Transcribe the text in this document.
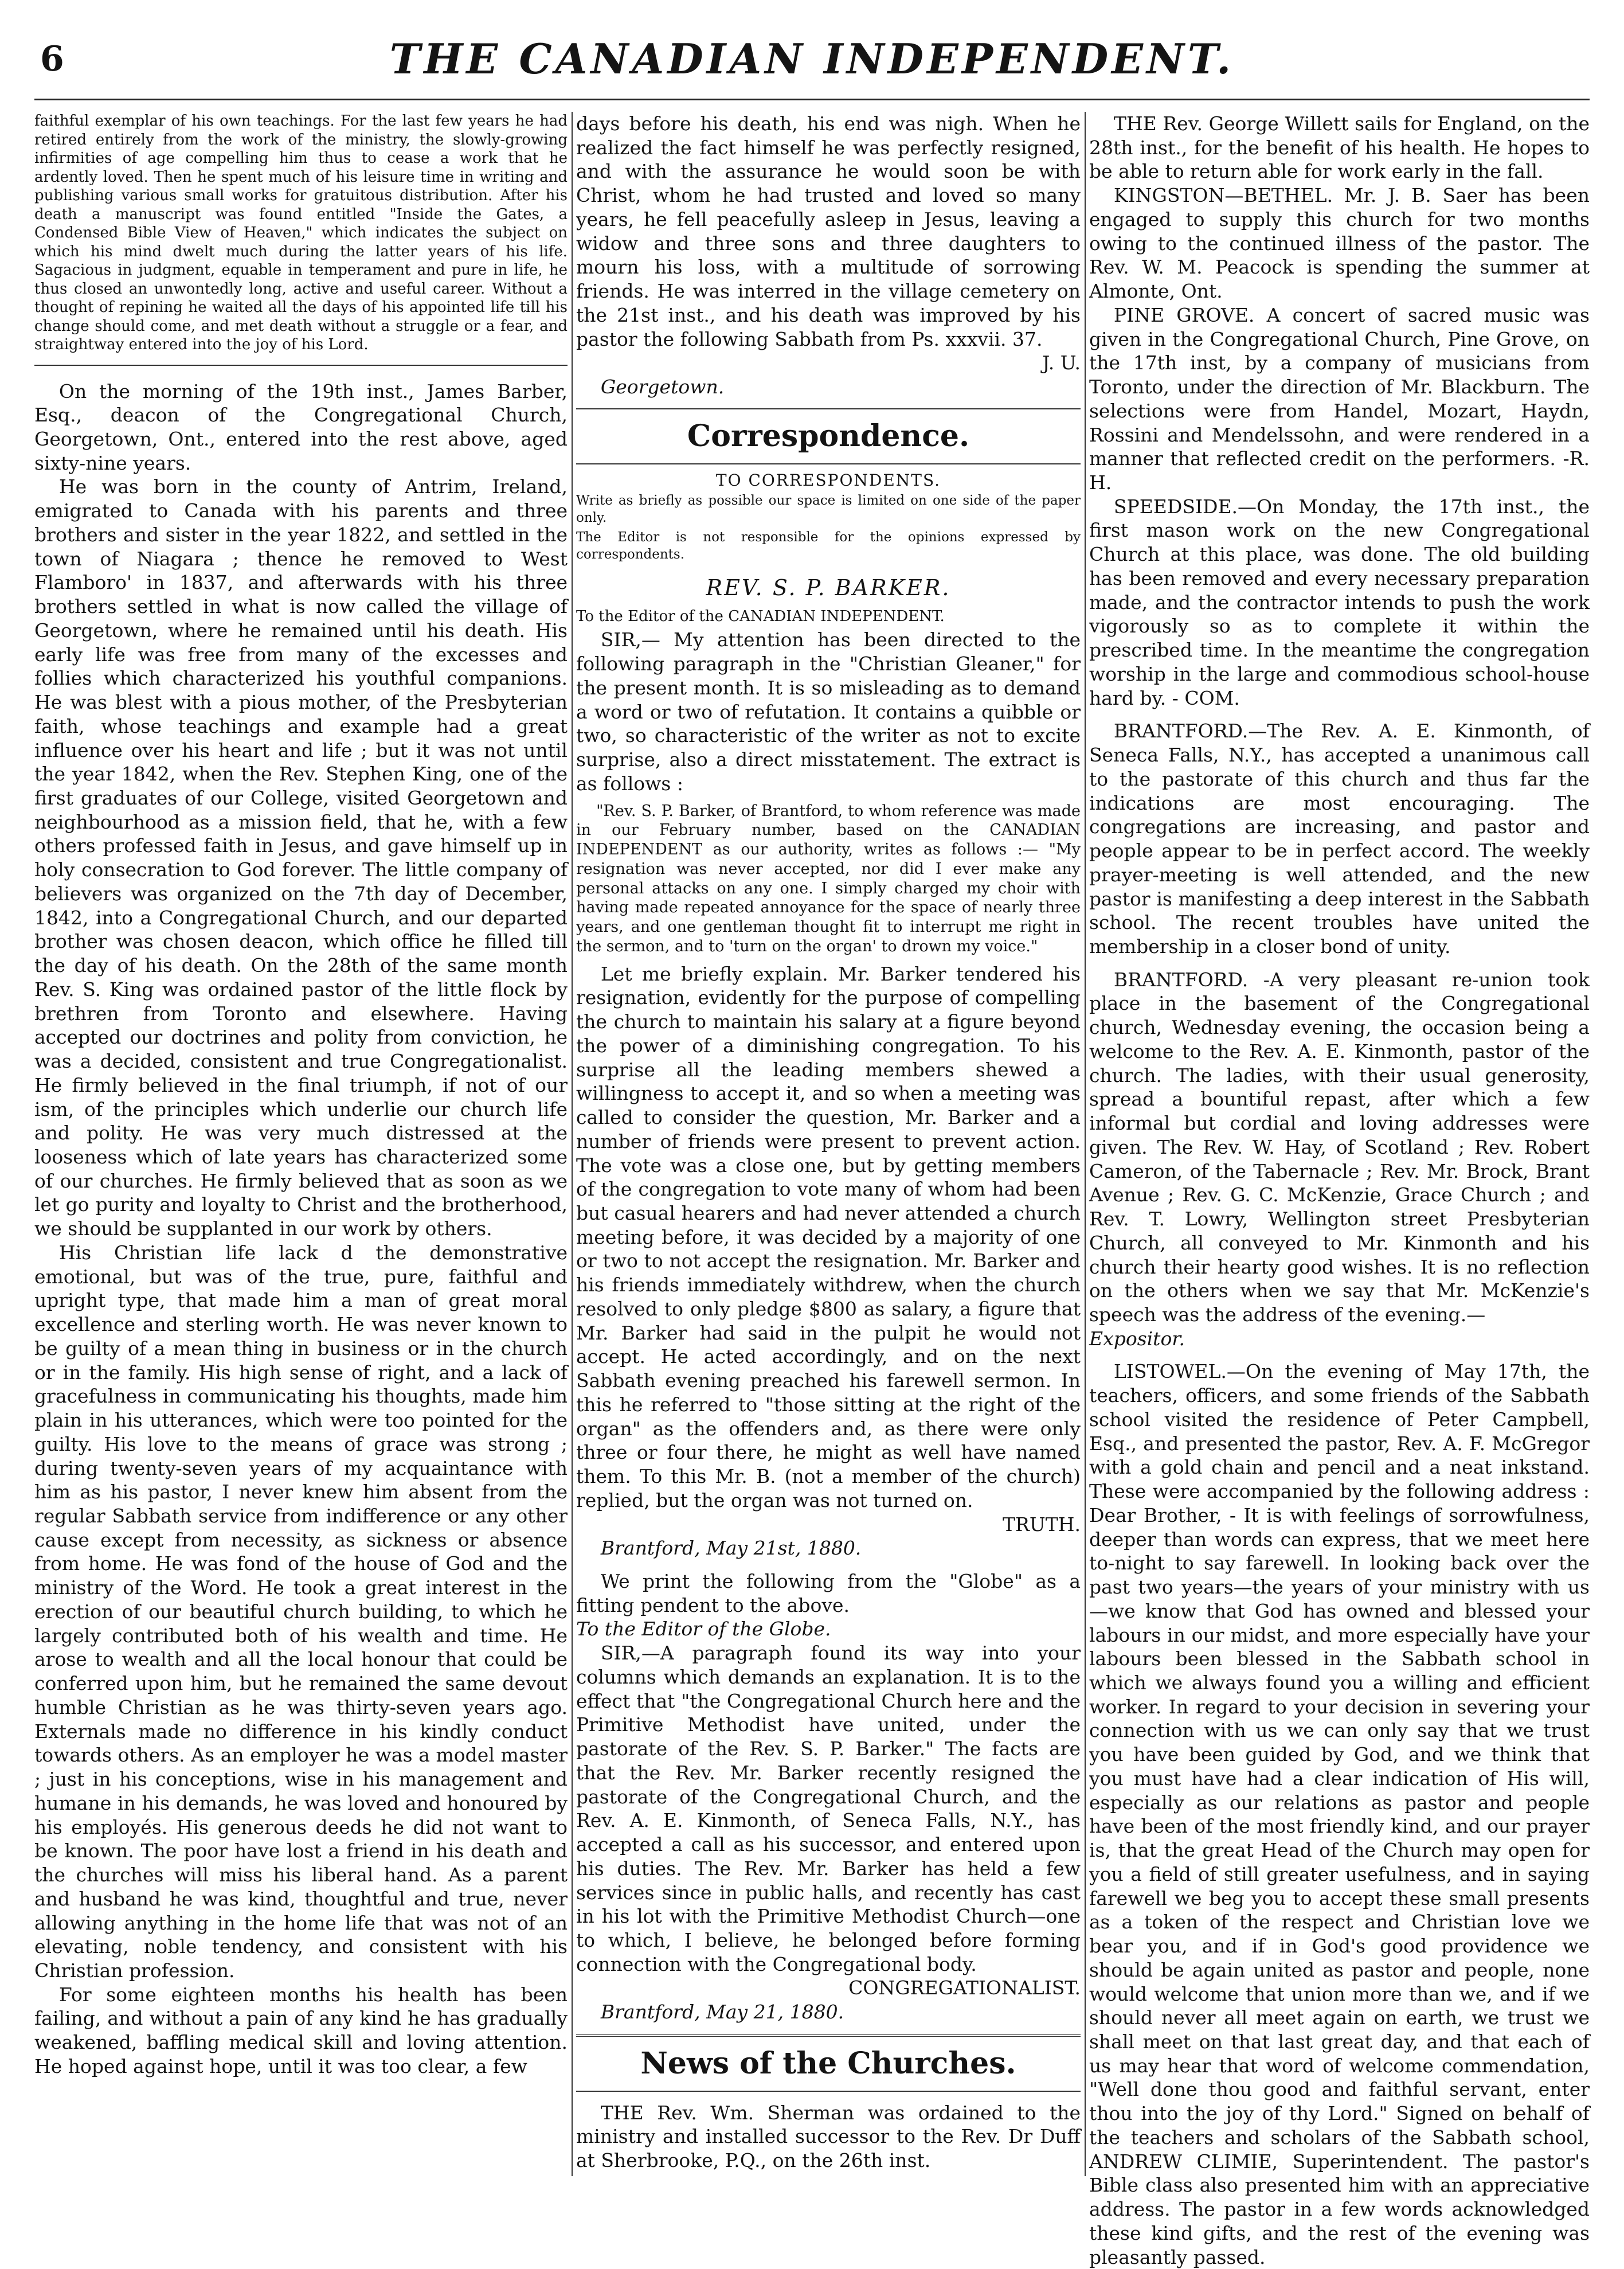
6	THE CANADIAN INDEPENDENT.

faithful exemplar of his own teachings. For the last few years he had retired entirely from the work of the ministry, the slowly-growing infirmities of age compelling him thus to cease a work that he ardently loved. Then he spent much of his leisure time in writing and publishing various small works for gratuitous distribution. After his death a manuscript was found entitled "Inside the Gates, a Condensed Bible View of Heaven," which indicates the subject on which his mind dwelt much during the latter years of his life. Sagacious in judgment, equable in temperament and pure in life, he thus closed an unwontedly long, active and useful career. Without a thought of repining he waited all the days of his appointed life till his change should come, and met death without a struggle or a fear, and straightway entered into the joy of his Lord.

On the morning of the 19th inst., James Barber, Esq., deacon of the Congregational Church, Georgetown, Ont., entered into the rest above, aged sixty-nine years.

He was born in the county of Antrim, Ireland, emigrated to Canada with his parents and three brothers and sister in the year 1822, and settled in the town of Niagara ; thence he removed to West Flamboro' in 1837, and afterwards with his three brothers settled in what is now called the village of Georgetown, where he remained until his death. His early life was free from many of the excesses and follies which characterized his youthful companions. He was blest with a pious mother, of the Presbyterian faith, whose teachings and example had a great influence over his heart and life ; but it was not until the year 1842, when the Rev. Stephen King, one of the first graduates of our College, visited Georgetown and neighbourhood as a mission field, that he, with a few others professed faith in Jesus, and gave himself up in holy consecration to God forever. The little company of believers was organized on the 7th day of December, 1842, into a Congregational Church, and our departed brother was chosen deacon, which office he filled till the day of his death. On the 28th of the same month Rev. S. King was ordained pastor of the little flock by brethren from Toronto and elsewhere. Having accepted our doctrines and polity from conviction, he was a decided, consistent and true Congregationalist. He firmly believed in the final triumph, if not of our ism, of the principles which underlie our church life and polity. He was very much distressed at the looseness which of late years has characterized some of our churches. He firmly believed that as soon as we let go purity and loyalty to Christ and the brotherhood, we should be supplanted in our work by others.

His Christian life lack d the demonstrative emotional, but was of the true, pure, faithful and upright type, that made him a man of great moral excellence and sterling worth. He was never known to be guilty of a mean thing in business or in the church or in the family. His high sense of right, and a lack of gracefulness in communicating his thoughts, made him plain in his utterances, which were too pointed for the guilty. His love to the means of grace was strong ; during twenty-seven years of my acquaintance with him as his pastor, I never knew him absent from the regular Sabbath service from indifference or any other cause except from necessity, as sickness or absence from home. He was fond of the house of God and the ministry of the Word. He took a great interest in the erection of our beautiful church building, to which he largely contributed both of his wealth and time. He arose to wealth and all the local honour that could be conferred upon him, but he remained the same devout humble Christian as he was thirty-seven years ago. Externals made no difference in his kindly conduct towards others. As an employer he was a model master ; just in his conceptions, wise in his management and humane in his demands, he was loved and honoured by his employés. His generous deeds he did not want to be known. The poor have lost a friend in his death and the churches will miss his liberal hand. As a parent and husband he was kind, thoughtful and true, never allowing anything in the home life that was not of an elevating, noble tendency, and consistent with his Christian profession.

For some eighteen months his health has been failing, and without a pain of any kind he has gradually weakened, baffling medical skill and loving attention. He hoped against hope, until it was too clear, a few

days before his death, his end was nigh. When he realized the fact himself he was perfectly resigned, and with the assurance he would soon be with Christ, whom he had trusted and loved so many years, he fell peacefully asleep in Jesus, leaving a widow and three sons and three daughters to mourn his loss, with a multitude of sorrowing friends. He was interred in the village cemetery on the 21st inst., and his death was improved by his pastor the following Sabbath from Ps. xxxvii. 37.

J. U.

Georgetown.

Correspondence.
TO CORRESPONDENTS.

Write as briefly as possible our space is limited on one side of the paper only.

The Editor is not responsible for the opinions expressed by correspondents.

REV. S. P. BARKER.

To the Editor of the CANADIAN INDEPENDENT.

SIR,— My attention has been directed to the following paragraph in the "Christian Gleaner," for the present month. It is so misleading as to demand a word or two of refutation. It contains a quibble or two, so characteristic of the writer as not to excite surprise, also a direct misstatement. The extract is as follows :

"Rev. S. P. Barker, of Brantford, to whom reference was made in our February number, based on the CANADIAN INDEPENDENT as our authority, writes as follows :— "My resignation was never accepted, nor did I ever make any personal attacks on any one. I simply charged my choir with having made repeated annoyance for the space of nearly three years, and one gentleman thought fit to interrupt me right in the sermon, and to 'turn on the organ' to drown my voice."

Let me briefly explain. Mr. Barker tendered his resignation, evidently for the purpose of compelling the church to maintain his salary at a figure beyond the power of a diminishing congregation. To his surprise all the leading members shewed a willingness to accept it, and so when a meeting was called to consider the question, Mr. Barker and a number of friends were present to prevent action. The vote was a close one, but by getting members of the congregation to vote many of whom had been but casual hearers and had never attended a church meeting before, it was decided by a majority of one or two to not accept the resignation. Mr. Barker and his friends immediately withdrew, when the church resolved to only pledge $800 as salary, a figure that Mr. Barker had said in the pulpit he would not accept. He acted accordingly, and on the next Sabbath evening preached his farewell sermon. In this he referred to "those sitting at the right of the organ" as the offenders and, as there were only three or four there, he might as well have named them. To this Mr. B. (not a member of the church) replied, but the organ was not turned on.

TRUTH.

Brantford, May 21st, 1880.

We print the following from the "Globe" as a fitting pendent to the above.

To the Editor of the Globe.

SIR,—A paragraph found its way into your columns which demands an explanation. It is to the effect that "the Congregational Church here and the Primitive Methodist have united, under the pastorate of the Rev. S. P. Barker." The facts are that the Rev. Mr. Barker recently resigned the pastorate of the Congregational Church, and the Rev. A. E. Kinmonth, of Seneca Falls, N.Y., has accepted a call as his successor, and entered upon his duties. The Rev. Mr. Barker has held a few services since in public halls, and recently has cast in his lot with the Primitive Methodist Church—one to which, I believe, he belonged before forming connection with the Congregational body.

CONGREGATIONALIST.

Brantford, May 21, 1880.

News of the Churches.

THE Rev. Wm. Sherman was ordained to the ministry and installed successor to the Rev. Dr Duff at Sherbrooke, P.Q., on the 26th inst.

THE Rev. George Willett sails for England, on the 28th inst., for the benefit of his health. He hopes to be able to return able for work early in the fall.

KINGSTON—BETHEL. Mr. J. B. Saer has been engaged to supply this church for two months owing to the continued illness of the pastor. The Rev. W. M. Peacock is spending the summer at Almonte, Ont.

PINE GROVE. A concert of sacred music was given in the Congregational Church, Pine Grove, on the 17th inst, by a company of musicians from Toronto, under the direction of Mr. Blackburn. The selections were from Handel, Mozart, Haydn, Rossini and Mendelssohn, and were rendered in a manner that reflected credit on the performers. -R. H.

SPEEDSIDE.—On Monday, the 17th inst., the first mason work on the new Congregational Church at this place, was done. The old building has been removed and every necessary preparation made, and the contractor intends to push the work vigorously so as to complete it within the prescribed time. In the meantime the congregation worship in the large and commodious school-house hard by. - COM.

BRANTFORD.—The Rev. A. E. Kinmonth, of Seneca Falls, N.Y., has accepted a unanimous call to the pastorate of this church and thus far the indications are most encouraging. The congregations are increasing, and pastor and people appear to be in perfect accord. The weekly prayer-meeting is well attended, and the new pastor is manifesting a deep interest in the Sabbath school. The recent troubles have united the membership in a closer bond of unity.

BRANTFORD. -A very pleasant re-union took place in the basement of the Congregational church, Wednesday evening, the occasion being a welcome to the Rev. A. E. Kinmonth, pastor of the church. The ladies, with their usual generosity, spread a bountiful repast, after which a few informal but cordial and loving addresses were given. The Rev. W. Hay, of Scotland ; Rev. Robert Cameron, of the Tabernacle ; Rev. Mr. Brock, Brant Avenue ; Rev. G. C. McKenzie, Grace Church ; and Rev. T. Lowry, Wellington street Presbyterian Church, all conveyed to Mr. Kinmonth and his church their hearty good wishes. It is no reflection on the others when we say that Mr. McKenzie's speech was the address of the evening.—

Expositor.

LISTOWEL.—On the evening of May 17th, the teachers, officers, and some friends of the Sabbath school visited the residence of Peter Campbell, Esq., and presented the pastor, Rev. A. F. McGregor with a gold chain and pencil and a neat inkstand. These were accompanied by the following address : Dear Brother, - It is with feelings of sorrowfulness, deeper than words can express, that we meet here to-night to say farewell. In looking back over the past two years—the years of your ministry with us—we know that God has owned and blessed your labours in our midst, and more especially have your labours been blessed in the Sabbath school in which we always found you a willing and efficient worker. In regard to your decision in severing your connection with us we can only say that we trust you have been guided by God, and we think that you must have had a clear indication of His will, especially as our relations as pastor and people have been of the most friendly kind, and our prayer is, that the great Head of the Church may open for you a field of still greater usefulness, and in saying farewell we beg you to accept these small presents as a token of the respect and Christian love we bear you, and if in God's good providence we should be again united as pastor and people, none would welcome that union more than we, and if we should never all meet again on earth, we trust we shall meet on that last great day, and that each of us may hear that word of welcome commendation, "Well done thou good and faithful servant, enter thou into the joy of thy Lord." Signed on behalf of the teachers and scholars of the Sabbath school, ANDREW CLIMIE, Superintendent. The pastor's Bible class also presented him with an appreciative address. The pastor in a few words acknowledged these kind gifts, and the rest of the evening was pleasantly passed.
